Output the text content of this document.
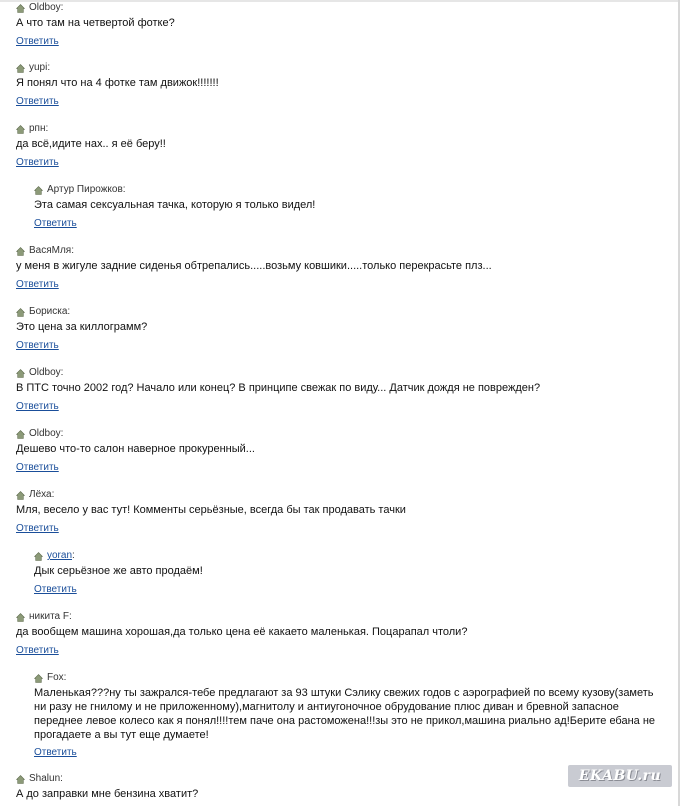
Oldboy:
А что там на четвертой фотке?
Ответить
yupi:
Я понял что на 4 фотке там движок!!!!!!!
Ответить
рпн:
да всё,идите нах.. я её беру!!
Ответить
Артур Пирожков:
Эта самая сексуальная тачка, которую я только видел!
Ответить
ВасяМля:
у меня в жигуле задние сиденья обтрепались.....возьму ковшики.....только перекрасьте плз...
Ответить
Бориска:
Это цена за киллограмм?
Ответить
Oldboy:
В ПТС точно 2002 год? Начало или конец? В принципе свежак по виду... Датчик дождя не поврежден?
Ответить
Oldboy:
Дешево что-то салон наверное прокуренный...
Ответить
Лёха:
Мля, весело у вас тут! Комменты серьёзные, всегда бы так продавать тачки
Ответить
yoran:
Дык серьёзное же авто продаём!
Ответить
никита F:
да вообщем машина хорошая,да только цена её какаето маленькая. Поцарапал чтоли?
Ответить
Fox:
Маленькая???ну ты зажрался-тебе предлагают за 93 штуки Сэлику свежих годов с аэрографией по всему кузову(заметь ни разу не гнилому и не приложенному),магнитолу и антиугоночное обрудование плюс диван и бревной запасное переднее левое колесо как я понял!!!!тем паче она растоможена!!!зы это не прикол,машина риально ад!Берите ебана не прогадаете а вы тут еще думаете!
Ответить
Shalun:
А до заправки мне бензина хватит?
EKABU.ru
